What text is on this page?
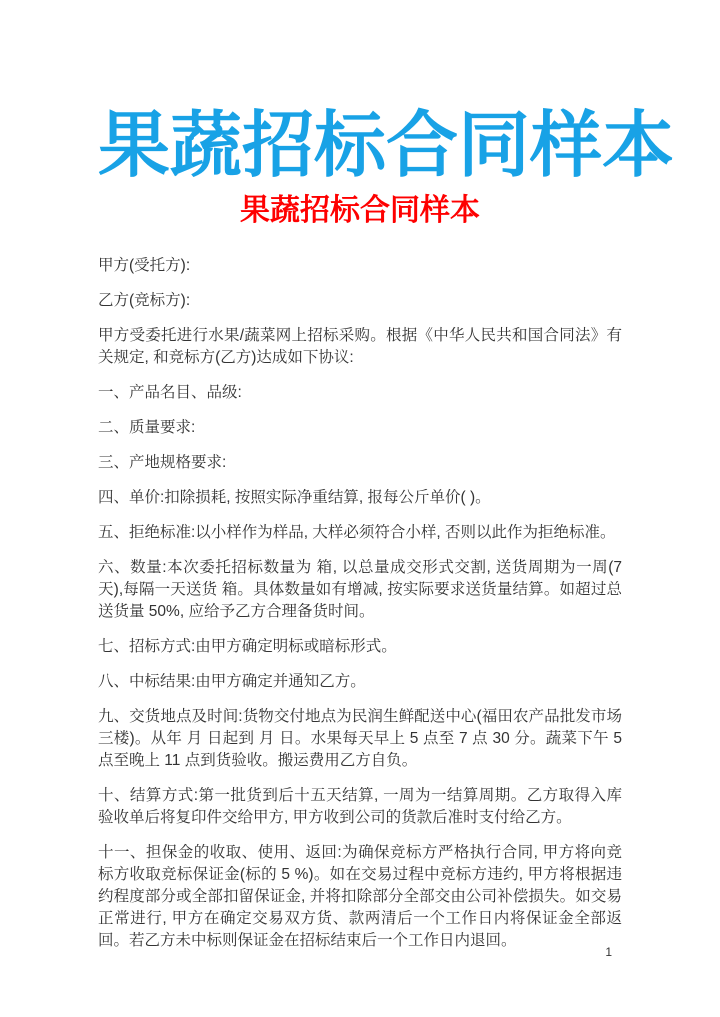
果蔬招标合同样本
果蔬招标合同样本

甲方(受托方):

乙方(竞标方):

甲方受委托进行水果/蔬菜网上招标采购。根据《中华人民共和国合同法》有关规定, 和竞标方(乙方)达成如下协议:

一、产品名目、品级:

二、质量要求:

三、产地规格要求:

四、单价:扣除损耗, 按照实际净重结算, 报每公斤单价( )。

五、拒绝标准:以小样作为样品, 大样必须符合小样, 否则以此作为拒绝标准。

六、数量:本次委托招标数量为 箱, 以总量成交形式交割, 送货周期为一周(7天),每隔一天送货 箱。具体数量如有增减, 按实际要求送货量结算。如超过总送货量 50%, 应给予乙方合理备货时间。

七、招标方式:由甲方确定明标或暗标形式。

八、中标结果:由甲方确定并通知乙方。

九、交货地点及时间:货物交付地点为民润生鲜配送中心(福田农产品批发市场三楼)。从年 月 日起到 月 日。水果每天早上 5 点至 7 点 30 分。蔬菜下午 5 点至晚上 11 点到货验收。搬运费用乙方自负。

十、结算方式:第一批货到后十五天结算, 一周为一结算周期。乙方取得入库验收单后将复印件交给甲方, 甲方收到公司的货款后准时支付给乙方。

十一、担保金的收取、使用、返回:为确保竞标方严格执行合同, 甲方将向竞标方收取竞标保证金(标的 5 %)。如在交易过程中竞标方违约, 甲方将根据违约程度部分或全部扣留保证金, 并将扣除部分全部交由公司补偿损失。如交易正常进行, 甲方在确定交易双方货、款两清后一个工作日内将保证金全部返回。若乙方未中标则保证金在招标结束后一个工作日内退回。

1
